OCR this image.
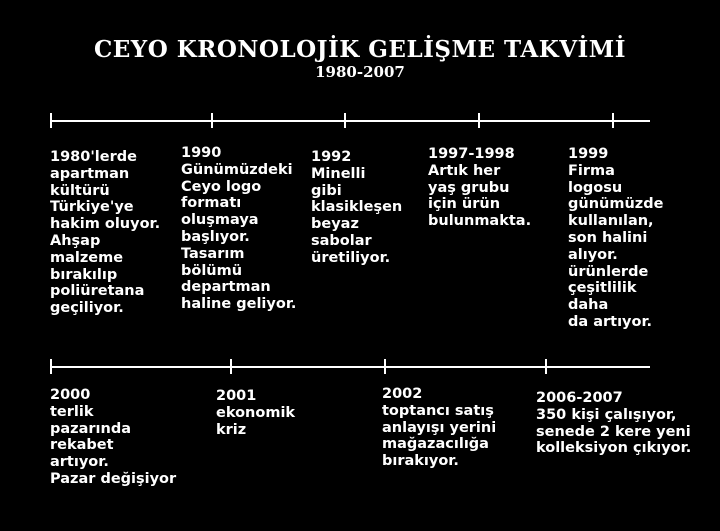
CEYO KRONOLOJİK GELİŞME TAKVİMİ
1980-2007
1980'lerde
apartman
kültürü
Türkiye'ye
hakim oluyor.
Ahşap
malzeme
bırakılıp
poliüretana
geçiliyor.
1990
Günümüzdeki
Ceyo logo
formatı
oluşmaya
başlıyor.
Tasarım
bölümü
departman
haline geliyor.
1992
Minelli
gibi
klasikleşen
beyaz
sabolar
üretiliyor.
1997-1998
Artık her
yaş grubu
için ürün
bulunmakta.
1999
Firma
logosu
günümüzde
kullanılan,
son halini
alıyor.
ürünlerde
çeşitlilik
daha
da artıyor.
2000
terlik
pazarında
rekabet
artıyor.
Pazar değişiyor
2001
ekonomik
kriz
2002
toptancı satış
anlayışı yerini
mağazacılığa
bırakıyor.
2006-2007
350 kişi çalışıyor,
senede 2 kere yeni
kolleksiyon çıkıyor.
